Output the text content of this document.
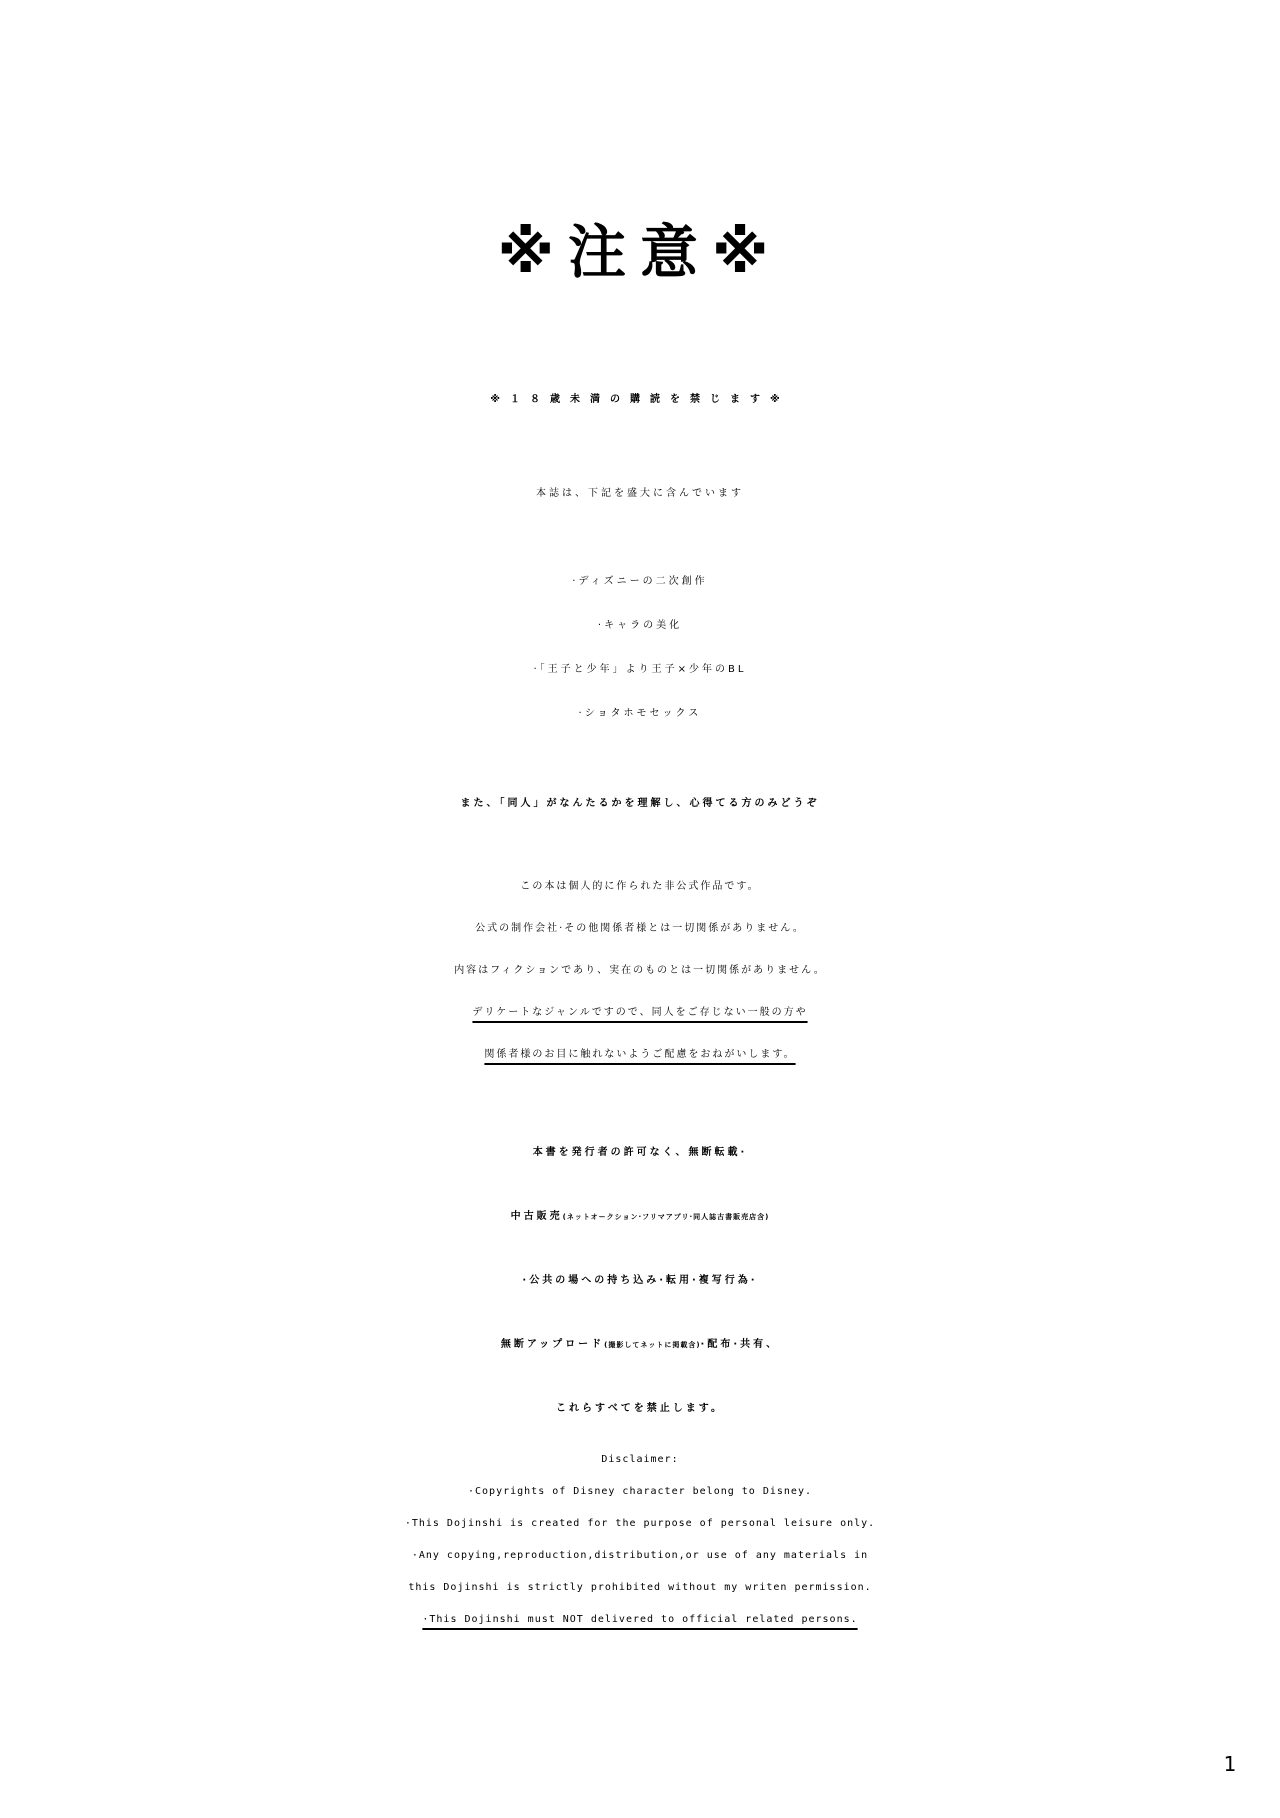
※注意※
※１８歳未満の購読を禁じます※
本誌は、下記を盛大に含んでいます
·ディズニーの二次創作
·キャラの美化
·「王子と少年」より王子×少年のBL
·ショタホモセックス
また、「同人」がなんたるかを理解し、心得てる方のみどうぞ
この本は個人的に作られた非公式作品です。
公式の制作会社·その他関係者様とは一切関係がありません。
内容はフィクションであり、実在のものとは一切関係がありません。
デリケートなジャンルですので、同人をご存じない一般の方や
関係者様のお目に触れないようご配慮をおねがいします。
本書を発行者の許可なく、無断転載·
中古販売(ネットオークション·フリマアプリ·同人誌古書販売店含)
·公共の場への持ち込み·転用·複写行為·
無断アップロード(撮影してネットに掲載含)·配布·共有、
これらすべてを禁止します。
Disclaimer:
·Copyrights of Disney character belong to Disney.
·This Dojinshi is created for the purpose of personal leisure only.
·Any copying,reproduction,distribution,or use of any materials in
this Dojinshi is strictly prohibited without my writen permission.
·This Dojinshi must NOT delivered to official related persons.
1
